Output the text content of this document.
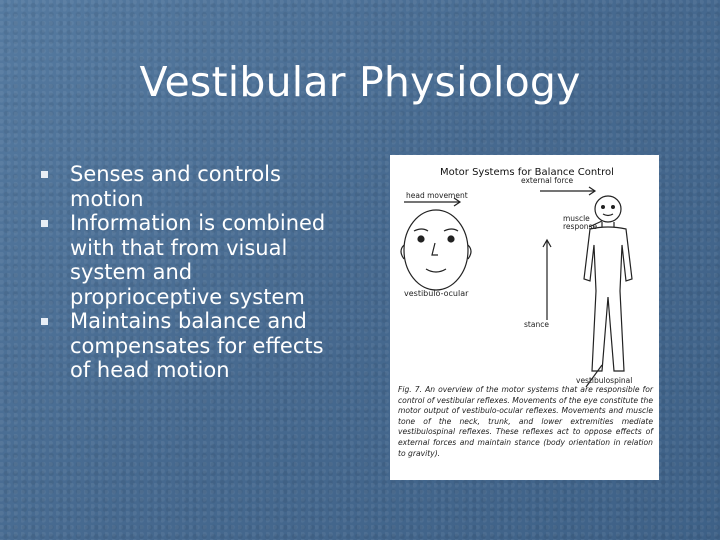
Vestibular Physiology
Senses and controls motion
Information is combined with that from visual system and proprioceptive system
Maintains balance and compensates for effects of head motion
Motor Systems for Balance Control
head movement
external force
muscle response
vestibulo-ocular
stance
vestibulospinal
Fig. 7. An overview of the motor systems that are responsible for control of vestibular reflexes. Movements of the eye constitute the motor output of vestibulo-ocular reflexes. Movements and muscle tone of the neck, trunk, and lower extremities mediate vestibulospinal reflexes. These reflexes act to oppose effects of external forces and maintain stance (body orientation in relation to gravity).
